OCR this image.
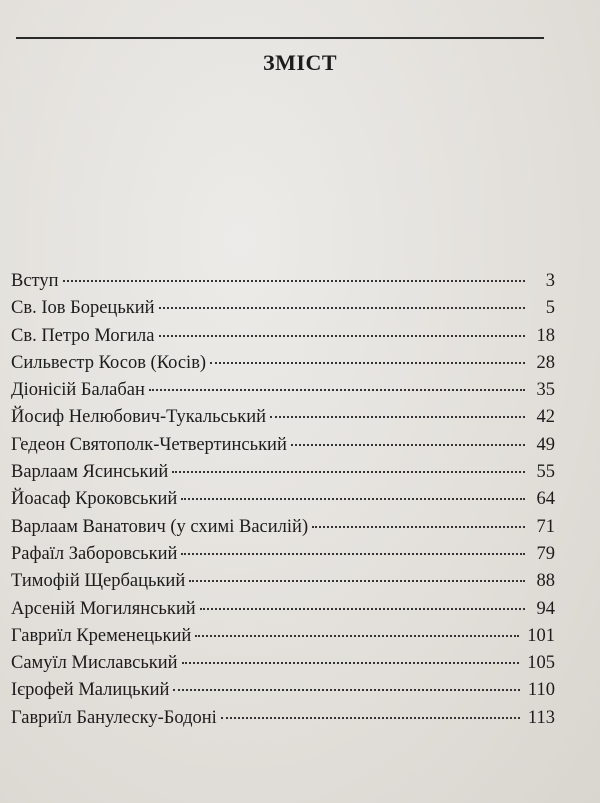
ЗМІСТ
Вступ	3
Св. Іов Борецький	5
Св. Петро Могила	18
Сильвестр Косов (Косів)	28
Діонісій Балабан	35
Йосиф Нелюбович-Тукальський	42
Гедеон Святополк-Четвертинський	49
Варлаам Ясинський	55
Йоасаф Кроковський	64
Варлаам Ванатович (у схимі Василій)	71
Рафаїл Заборовський	79
Тимофій Щербацький	88
Арсеній Могилянський	94
Гавриїл Кременецький	101
Самуїл Миславський	105
Ієрофей Малицький	110
Гавриїл Банулеску-Бодоні	113
